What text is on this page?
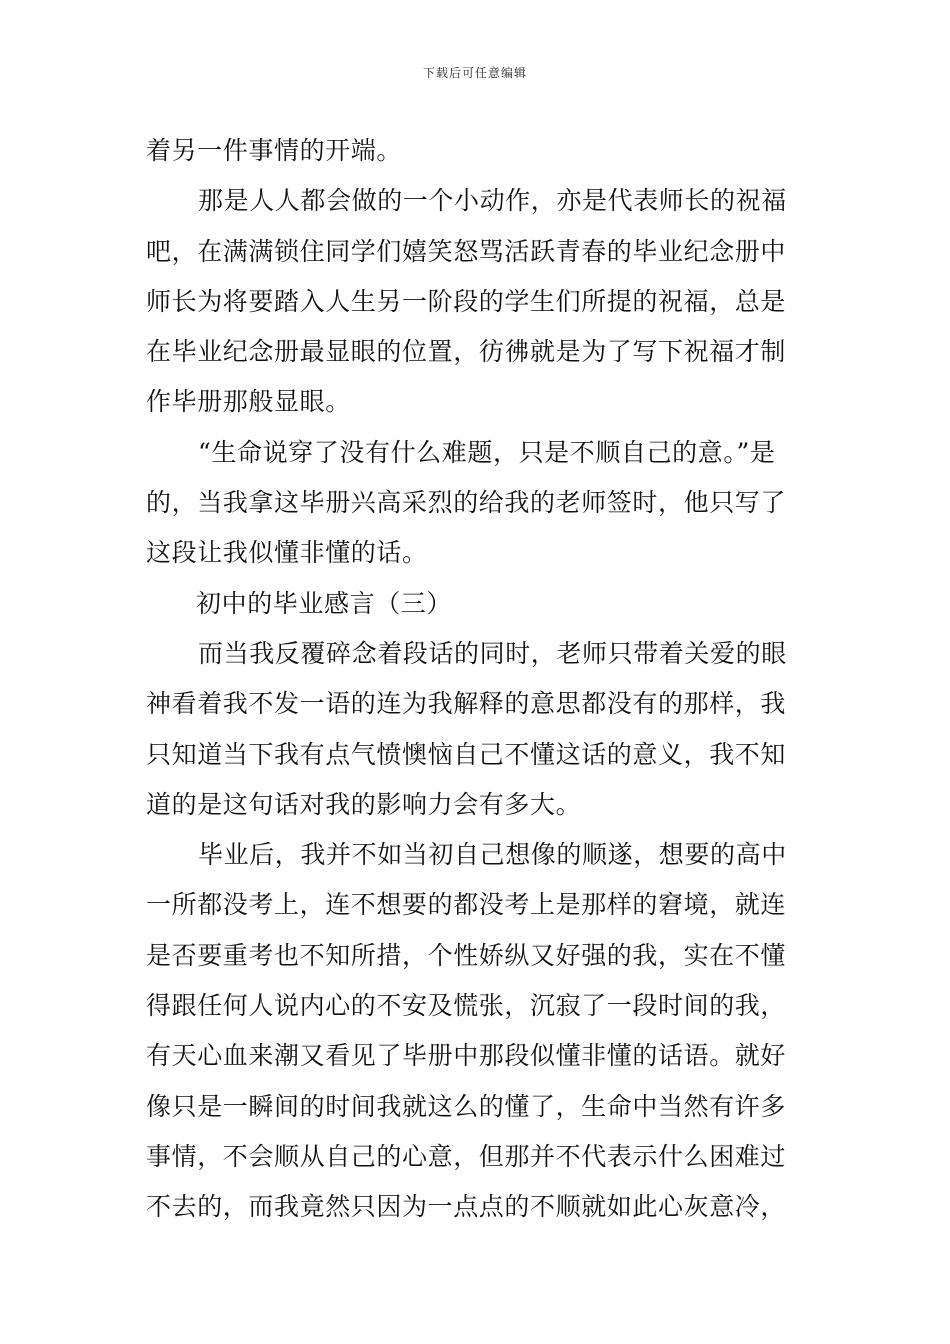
下载后可任意编辑

着另一件事情的开端。

那是人人都会做的一个小动作，亦是代表师长的祝福吧，在满满锁住同学们嬉笑怒骂活跃青春的毕业纪念册中师长为将要踏入人生另一阶段的学生们所提的祝福，总是在毕业纪念册最显眼的位置，彷彿就是为了写下祝福才制作毕册那般显眼。

“生命说穿了没有什么难题，只是不顺自己的意。”是的，当我拿这毕册兴高采烈的给我的老师签时，他只写了这段让我似懂非懂的话。

初中的毕业感言（三）

而当我反覆碎念着段话的同时，老师只带着关爱的眼神看着我不发一语的连为我解释的意思都没有的那样，我只知道当下我有点气愤懊恼自己不懂这话的意义，我不知道的是这句话对我的影响力会有多大。

毕业后，我并不如当初自己想像的顺遂，想要的高中一所都没考上，连不想要的都没考上是那样的窘境，就连是否要重考也不知所措，个性娇纵又好强的我，实在不懂得跟任何人说内心的不安及慌张，沉寂了一段时间的我，有天心血来潮又看见了毕册中那段似懂非懂的话语。就好像只是一瞬间的时间我就这么的懂了，生命中当然有许多事情，不会顺从自己的心意，但那并不代表示什么困难过不去的，而我竟然只因为一点点的不顺就如此心灰意冷，
